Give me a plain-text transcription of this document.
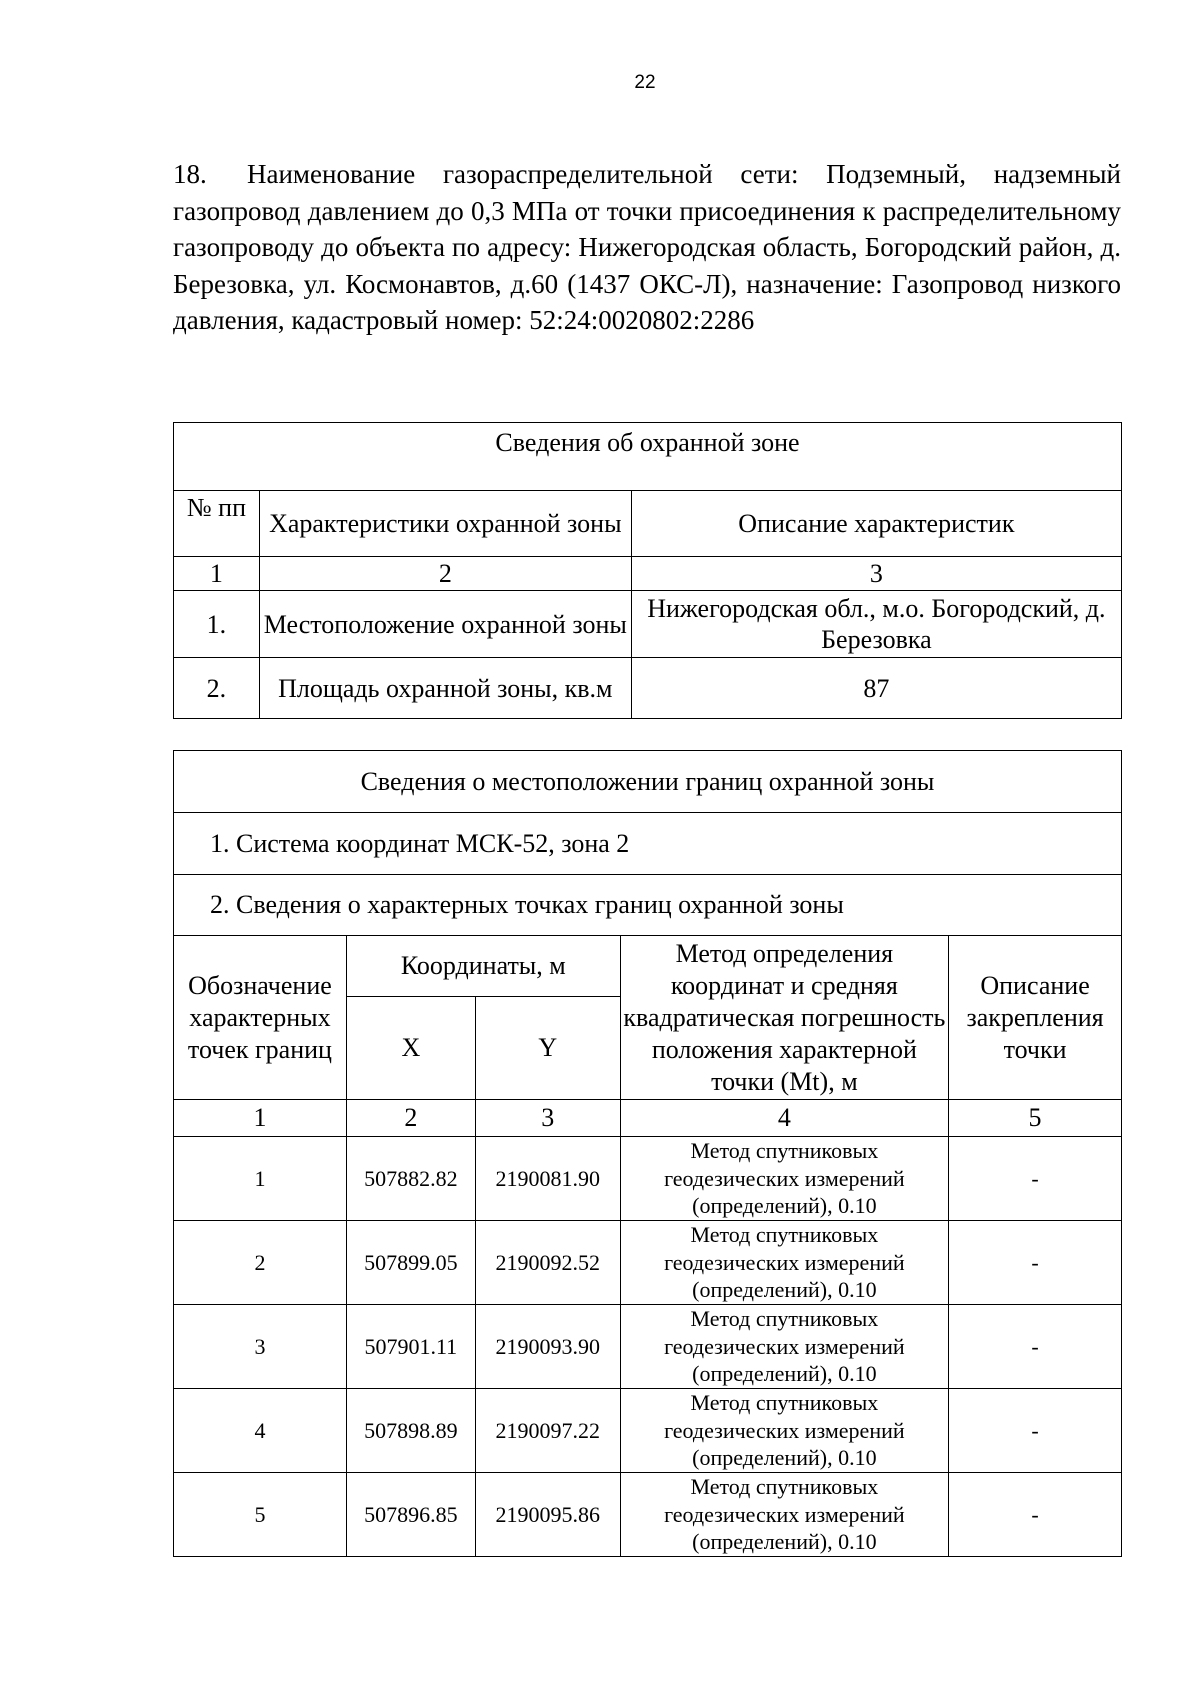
22
18. Наименование газораспределительной сети: Подземный, надземный газопровод давлением до 0,3 МПа от точки присоединения к распределительному газопроводу до объекта по адресу: Нижегородская область, Богородский район, д. Березовка, ул. Космонавтов, д.60 (1437 ОКС-Л), назначение: Газопровод низкого давления, кадастровый номер: 52:24:0020802:2286
Сведения об охранной зоне		
№ пп	Характеристики охранной зоны	Описание характеристик
1	2	3
1.	Местоположение охранной зоны	Нижегородская обл., м.о. Богородский, д. Березовка
2.	Площадь охранной зоны, кв.м	87
Сведения о местоположении границ охранной зоны				
1. Система координат МСК-52, зона 2				
2. Сведения о характерных точках границ охранной зоны				
Обозначение характерных точек границ	Координаты, м		Метод определения координат и средняя квадратическая погрешность положения характерной точки (Mt), м	Описание закрепления точки
	X	Y		
1	2	3	4	5
1	507882.82	2190081.90	Метод спутниковых геодезических измерений (определений), 0.10	-
2	507899.05	2190092.52	Метод спутниковых геодезических измерений (определений), 0.10	-
3	507901.11	2190093.90	Метод спутниковых геодезических измерений (определений), 0.10	-
4	507898.89	2190097.22	Метод спутниковых геодезических измерений (определений), 0.10	-
5	507896.85	2190095.86	Метод спутниковых геодезических измерений (определений), 0.10	-
